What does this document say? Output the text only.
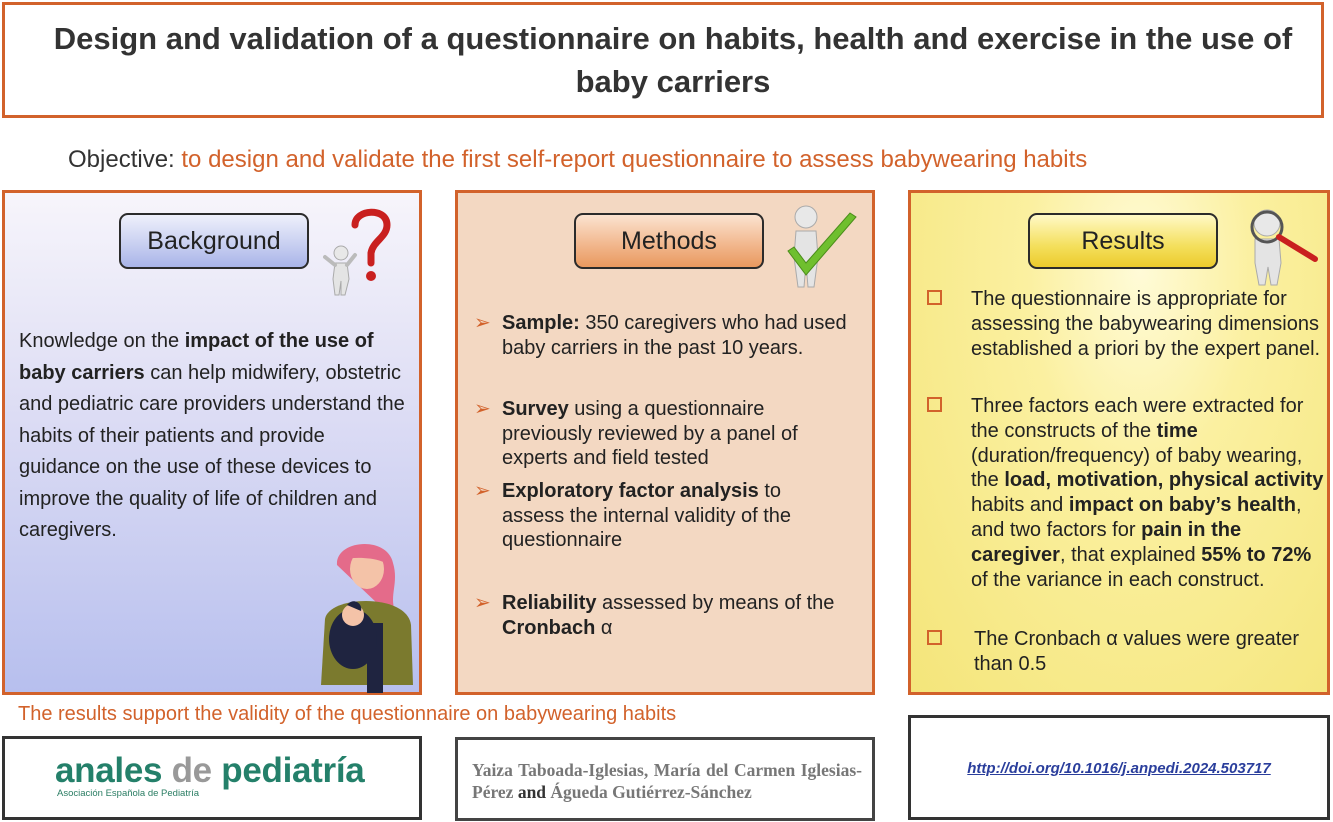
Design and validation of a questionnaire on habits, health and exercise in the use of baby carriers
Objective: to design and validate the first self-report questionnaire to assess babywearing habits
Background
Knowledge on the impact of the use of baby carriers can help midwifery, obstetric and pediatric care providers understand the habits of their patients and provide guidance on the use of these devices to improve the quality of life of children and caregivers.
Methods
➢ Sample: 350 caregivers who had used baby carriers in the past 10 years.
➢ Survey using a questionnaire previously reviewed by a panel of experts and field tested
➢ Exploratory factor analysis to assess the internal validity of the questionnaire
➢ Reliability assessed by means of the Cronbach α
Results
The questionnaire is appropriate for assessing the babywearing dimensions established a priori by the expert panel.
Three factors each were extracted for the constructs of the time (duration/frequency) of baby wearing, the load, motivation, physical activity habits and impact on baby’s health, and two factors for pain in the caregiver, that explained 55% to 72% of the variance in each construct.
The Cronbach α values were greater than 0.5
The results support the validity of the questionnaire on babywearing habits
anales de pediatría
Asociación Española de Pediatría
Yaiza Taboada-Iglesias, María del Carmen Iglesias-Pérez and Águeda Gutiérrez-Sánchez
http://doi.org/10.1016/j.anpedi.2024.503717
